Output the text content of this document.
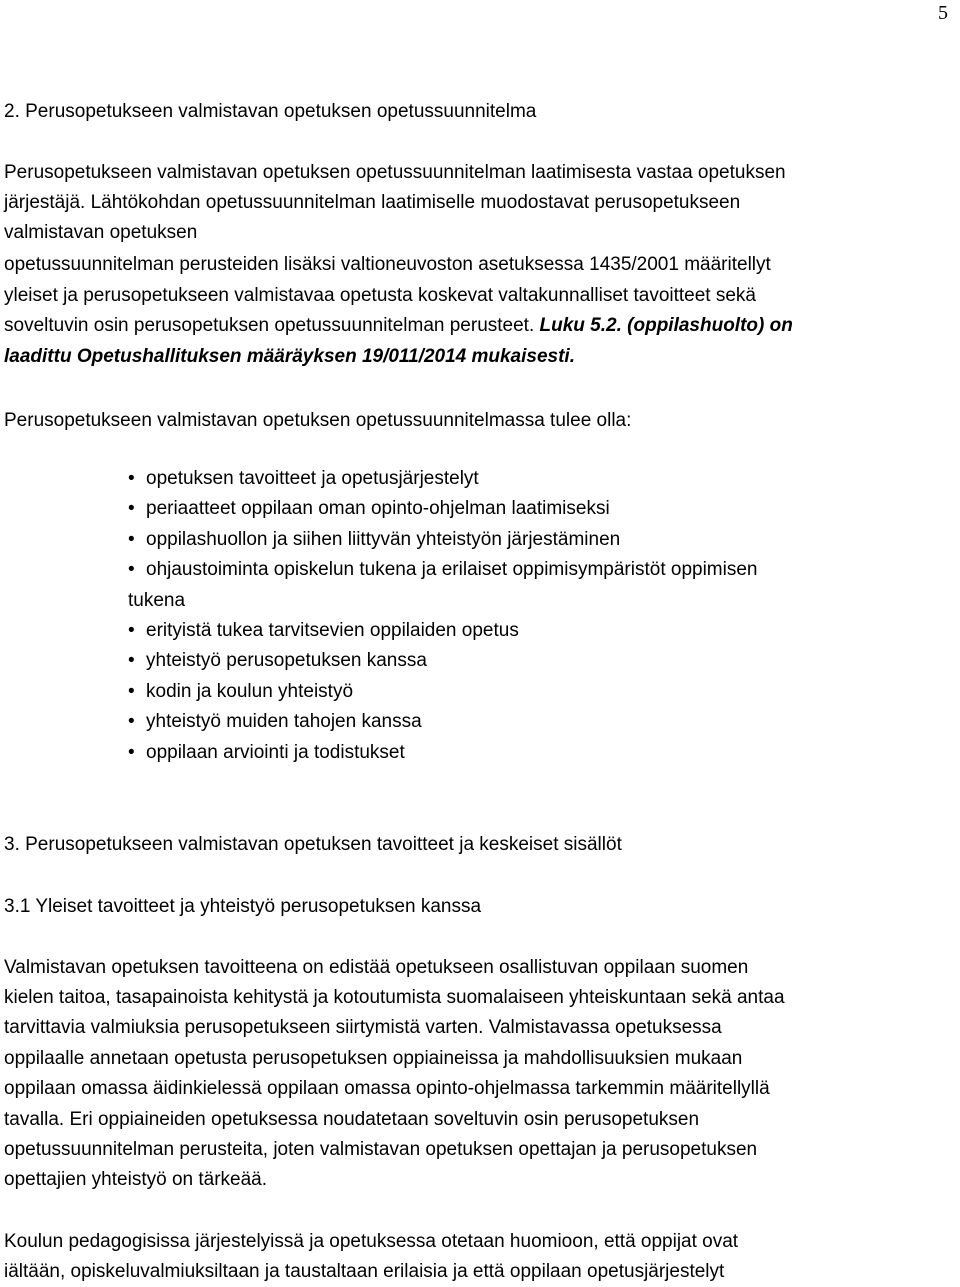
5
2. Perusopetukseen valmistavan opetuksen opetussuunnitelma
Perusopetukseen valmistavan opetuksen opetussuunnitelman laatimisesta vastaa opetuksen
järjestäjä. Lähtökohdan opetussuunnitelman laatimiselle muodostavat perusopetukseen
valmistavan opetuksen
opetussuunnitelman perusteiden lisäksi valtioneuvoston asetuksessa 1435/2001 määritellyt
yleiset ja perusopetukseen valmistavaa opetusta koskevat valtakunnalliset tavoitteet sekä
soveltuvin osin perusopetuksen opetussuunnitelman perusteet. Luku 5.2. (oppilashuolto) on
laadittu Opetushallituksen määräyksen 19/011/2014 mukaisesti.
Perusopetukseen valmistavan opetuksen opetussuunnitelmassa tulee olla:
• opetuksen tavoitteet ja opetusjärjestelyt
• periaatteet oppilaan oman opinto-ohjelman laatimiseksi
• oppilashuollon ja siihen liittyvän yhteistyön järjestäminen
• ohjaustoiminta opiskelun tukena ja erilaiset oppimisympäristöt oppimisen
tukena
• erityistä tukea tarvitsevien oppilaiden opetus
• yhteistyö perusopetuksen kanssa
• kodin ja koulun yhteistyö
• yhteistyö muiden tahojen kanssa
• oppilaan arviointi ja todistukset
3. Perusopetukseen valmistavan opetuksen tavoitteet ja keskeiset sisällöt
3.1 Yleiset tavoitteet ja yhteistyö perusopetuksen kanssa
Valmistavan opetuksen tavoitteena on edistää opetukseen osallistuvan oppilaan suomen
kielen taitoa, tasapainoista kehitystä ja kotoutumista suomalaiseen yhteiskuntaan sekä antaa
tarvittavia valmiuksia perusopetukseen siirtymistä varten. Valmistavassa opetuksessa
oppilaalle annetaan opetusta perusopetuksen oppiaineissa ja mahdollisuuksien mukaan
oppilaan omassa äidinkielessä oppilaan omassa opinto-ohjelmassa tarkemmin määritellyllä
tavalla. Eri oppiaineiden opetuksessa noudatetaan soveltuvin osin perusopetuksen
opetussuunnitelman perusteita, joten valmistavan opetuksen opettajan ja perusopetuksen
opettajien yhteistyö on tärkeää.
Koulun pedagogisissa järjestelyissä ja opetuksessa otetaan huomioon, että oppijat ovat
iältään, opiskeluvalmiuksiltaan ja taustaltaan erilaisia ja että oppilaan opetusjärjestelyt
